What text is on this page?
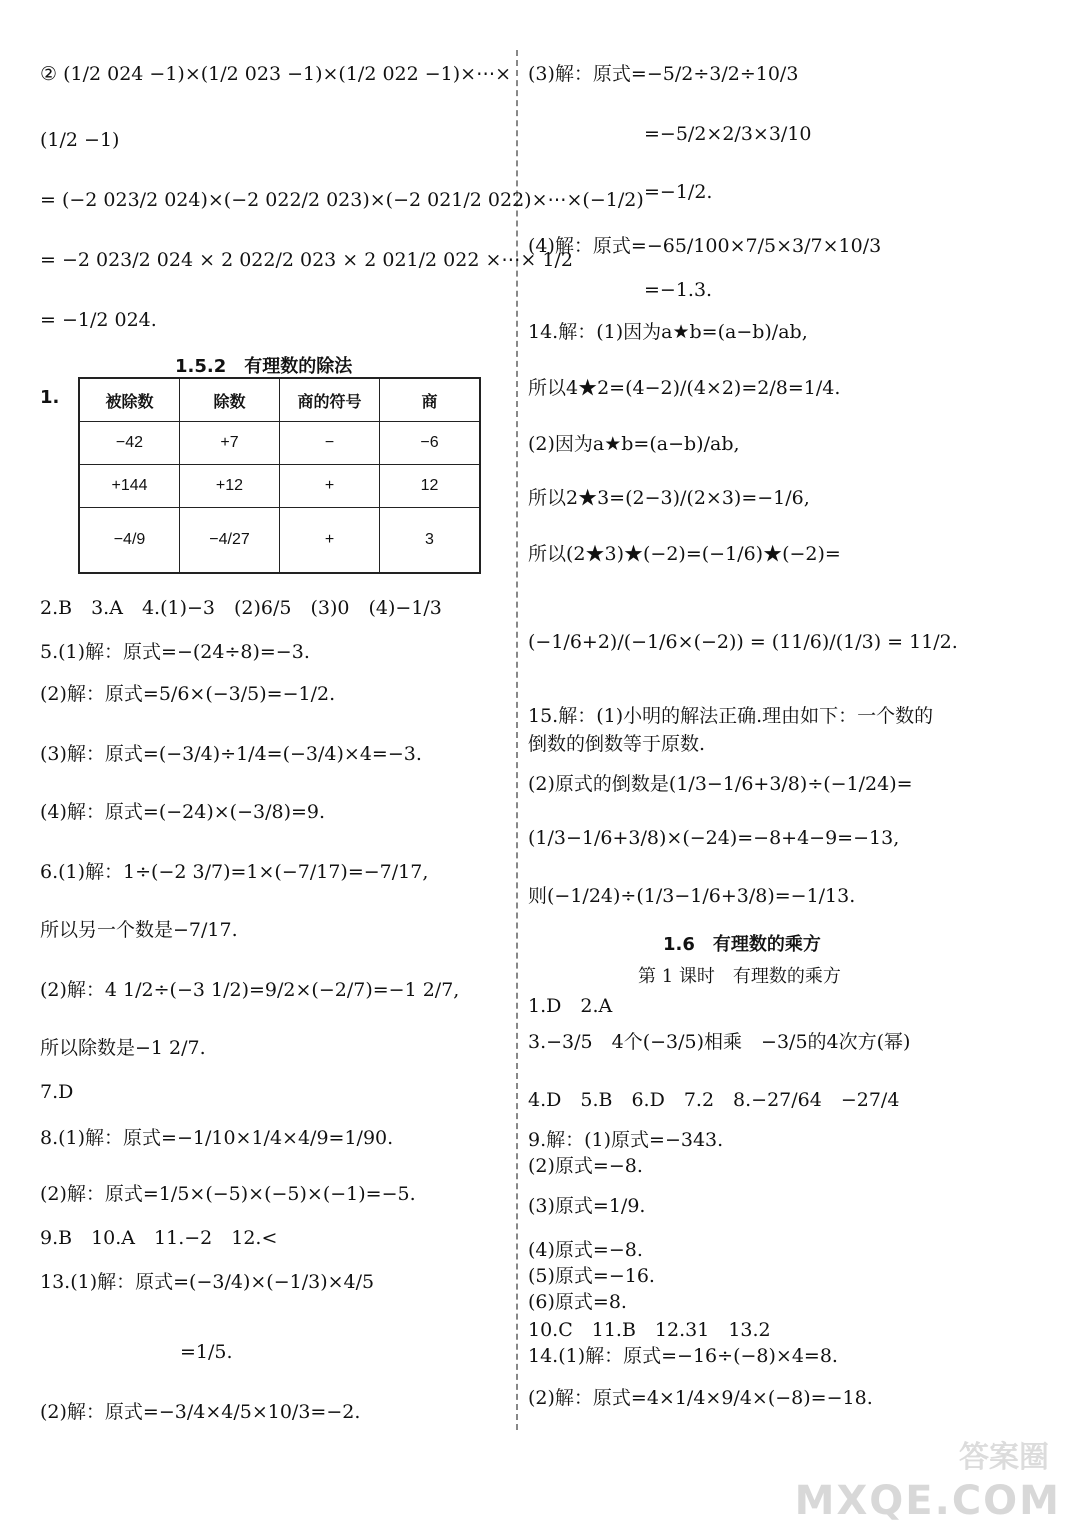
② (1/2 024 −1)×(1/2 023 −1)×(1/2 022 −1)×⋯×
(1/2 −1)
= (−2 023/2 024)×(−2 022/2 023)×(−2 021/2 022)×⋯×(−1/2)
= −2 023/2 024 × 2 022/2 023 × 2 021/2 022 ×⋯× 1/2
= −1/2 024.
1.5.2　有理数的除法
1.	被除数	除数	商的符号	商
−42	+7	−	−6
+144	+12	+	12
−4/9	−4/27	+	3
2.B　3.A　4.(1)−3　(2)6/5　(3)0　(4)−1/3
5.(1)解：原式=−(24÷8)=−3.
(2)解：原式=5/6×(−3/5)=−1/2.
(3)解：原式=(−3/4)÷1/4=(−3/4)×4=−3.
(4)解：原式=(−24)×(−3/8)=9.
6.(1)解：1÷(−2 3/7)=1×(−7/17)=−7/17,
所以另一个数是−7/17.
(2)解：4 1/2÷(−3 1/2)=9/2×(−2/7)=−1 2/7,
所以除数是−1 2/7.
7.D
8.(1)解：原式=−1/10×1/4×4/9=1/90.
(2)解：原式=1/5×(−5)×(−5)×(−1)=−5.
9.B　10.A　11.−2　12.<
13.(1)解：原式=(−3/4)×(−1/3)×4/5
=1/5.
(2)解：原式=−3/4×4/5×10/3=−2.
(3)解：原式=−5/2÷3/2÷10/3
=−5/2×2/3×3/10
=−1/2.
(4)解：原式=−65/100×7/5×3/7×10/3
=−1.3.
14.解：(1)因为a★b=(a−b)/ab,
所以4★2=(4−2)/(4×2)=2/8=1/4.
(2)因为a★b=(a−b)/ab,
所以2★3=(2−3)/(2×3)=−1/6,
所以(2★3)★(−2)=(−1/6)★(−2)=
(−1/6+2)/(−1/6×(−2)) = (11/6)/(1/3) = 11/2.
15.解：(1)小明的解法正确.理由如下：一个数的
倒数的倒数等于原数.
(2)原式的倒数是(1/3−1/6+3/8)÷(−1/24)=
(1/3−1/6+3/8)×(−24)=−8+4−9=−13,
则(−1/24)÷(1/3−1/6+3/8)=−1/13.
1.6　有理数的乘方
第 1 课时　有理数的乘方
1.D　2.A
3.−3/5　4个(−3/5)相乘　−3/5的4次方(幂)
4.D　5.B　6.D　7.2　8.−27/64　−27/4
9.解：(1)原式=−343.
(2)原式=−8.
(3)原式=1/9.
(4)原式=−8.
(5)原式=−16.
(6)原式=8.
10.C　11.B　12.31　13.2
14.(1)解：原式=−16÷(−8)×4=8.
(2)解：原式=4×1/4×9/4×(−8)=−18.
答案圈
MXQE.COM
